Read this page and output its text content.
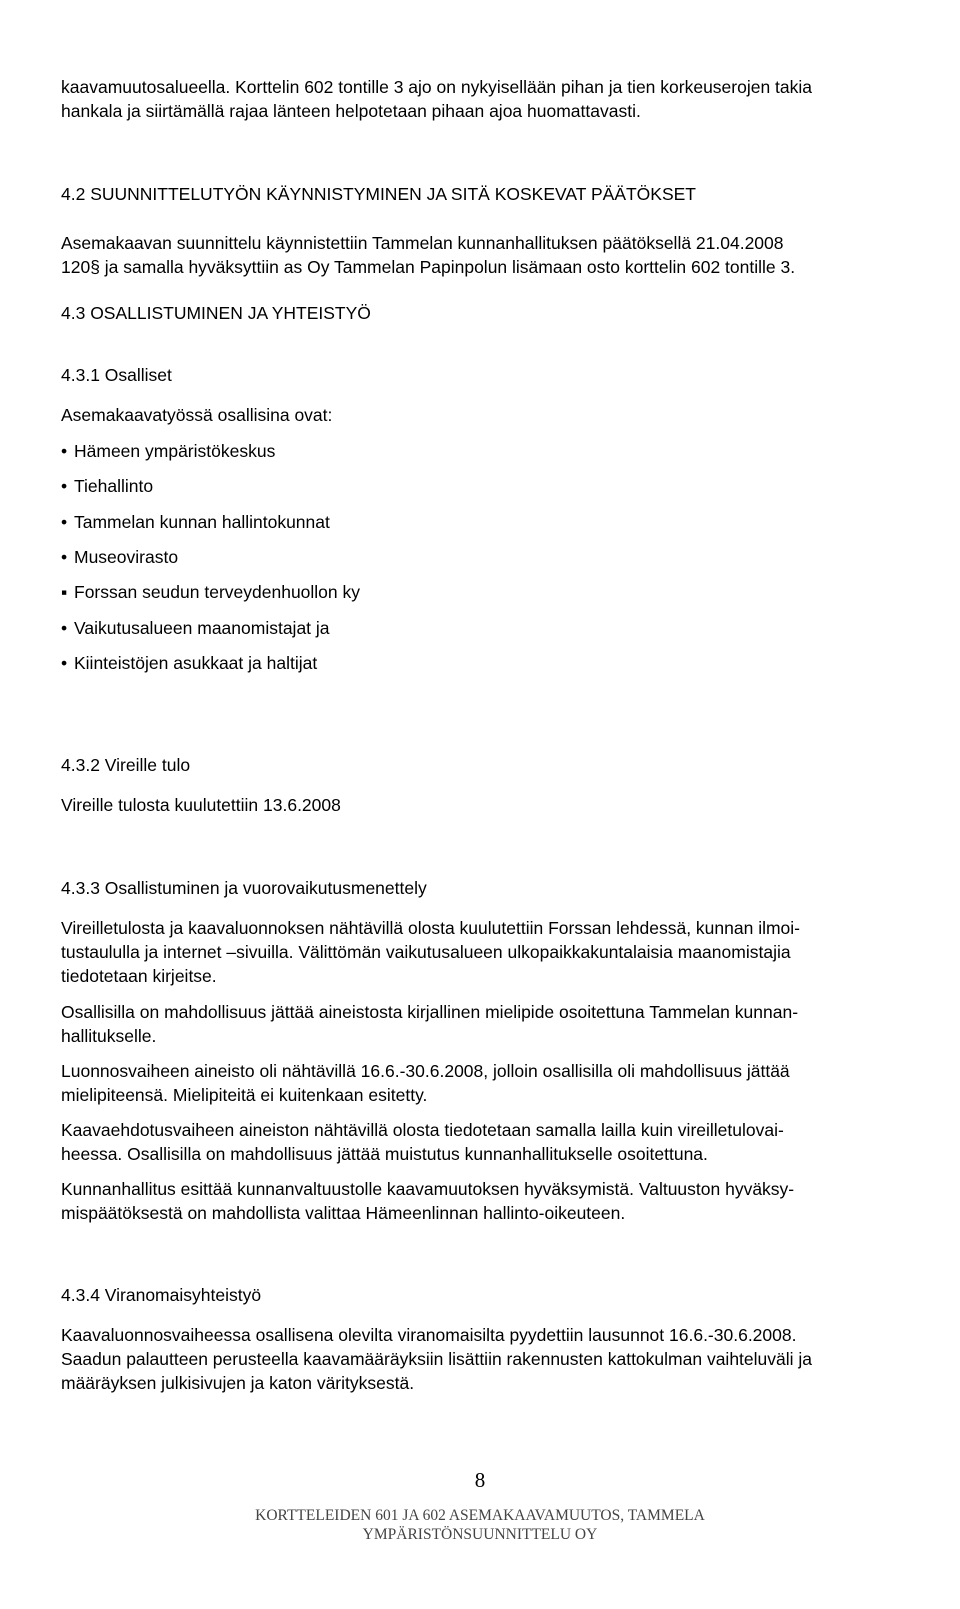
kaavamuutosalueella. Korttelin 602 tontille 3 ajo on nykyisellään pihan ja tien korkeuserojen takia
hankala ja siirtämällä rajaa länteen helpotetaan pihaan ajoa huomattavasti.
4.2 SUUNNITTELUTYÖN KÄYNNISTYMINEN JA SITÄ KOSKEVAT PÄÄTÖKSET
Asemakaavan suunnittelu käynnistettiin Tammelan kunnanhallituksen päätöksellä 21.04.2008
120§ ja samalla hyväksyttiin as Oy Tammelan Papinpolun lisämaan osto korttelin 602 tontille 3.
4.3 OSALLISTUMINEN JA YHTEISTYÖ
4.3.1 Osalliset
Asemakaavatyössä osallisina ovat:
• Hämeen ympäristökeskus
• Tiehallinto
• Tammelan kunnan hallintokunnat
• Museovirasto
▪ Forssan seudun terveydenhuollon ky
• Vaikutusalueen maanomistajat ja
• Kiinteistöjen asukkaat ja haltijat
4.3.2 Vireille tulo
Vireille tulosta kuulutettiin 13.6.2008
4.3.3 Osallistuminen ja vuorovaikutusmenettely
Vireilletulosta ja kaavaluonnoksen nähtävillä olosta kuulutettiin Forssan lehdessä, kunnan ilmoi-
tustaululla ja internet –sivuilla. Välittömän vaikutusalueen ulkopaikkakuntalaisia maanomistajia
tiedotetaan kirjeitse.
Osallisilla on mahdollisuus jättää aineistosta kirjallinen mielipide osoitettuna Tammelan kunnan-
hallitukselle.
Luonnosvaiheen aineisto oli nähtävillä 16.6.-30.6.2008, jolloin osallisilla oli mahdollisuus jättää
mielipiteensä. Mielipiteitä ei kuitenkaan esitetty.
Kaavaehdotusvaiheen aineiston nähtävillä olosta tiedotetaan samalla lailla kuin vireilletulovai-
heessa. Osallisilla on mahdollisuus jättää muistutus kunnanhallitukselle osoitettuna.
Kunnanhallitus esittää kunnanvaltuustolle kaavamuutoksen hyväksymistä. Valtuuston hyväksy-
mispäätöksestä on mahdollista valittaa Hämeenlinnan hallinto-oikeuteen.
4.3.4 Viranomaisyhteistyö
Kaavaluonnosvaiheessa osallisena olevilta viranomaisilta pyydettiin lausunnot 16.6.-30.6.2008.
Saadun palautteen perusteella kaavamääräyksiin lisättiin rakennusten kattokulman vaihteluväli ja
määräyksen julkisivujen ja katon värityksestä.
8
KORTTELEIDEN 601 JA 602 ASEMAKAAVAMUUTOS, TAMMELA
YMPÄRISTÖNSUUNNITTELU OY
